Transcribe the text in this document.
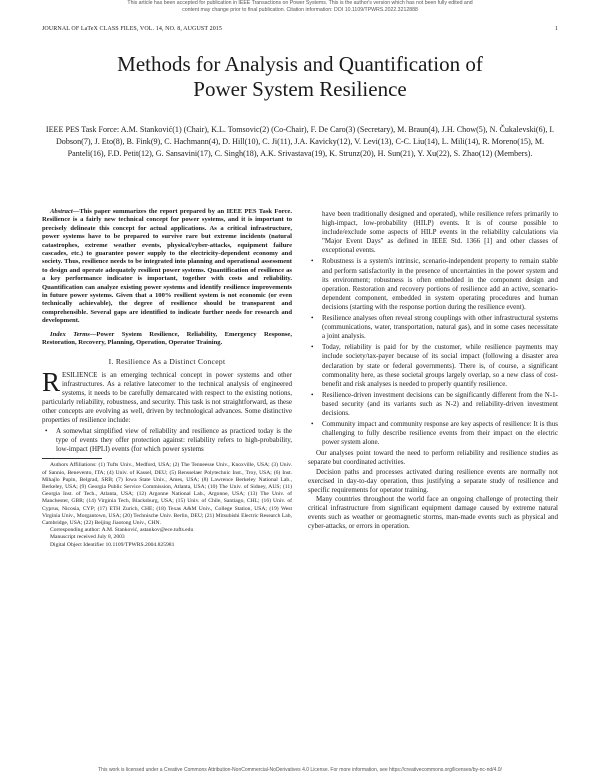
This article has been accepted for publication in IEEE Transactions on Power Systems. This is the author's version which has not been fully edited and
content may change prior to final publication. Citation information: DOI 10.1109/TPWRS.2022.3212888
JOURNAL OF LaTeX CLASS FILES, VOL. 14, NO. 8, AUGUST 2015	1
Methods for Analysis and Quantification of
Power System Resilience
IEEE PES Task Force: A.M. Stanković(1) (Chair), K.L. Tomsovic(2) (Co-Chair), F. De Caro(3) (Secretary), M. Braun(4), J.H. Chow(5), N. Čukalevski(6), I. Dobson(7), J. Eto(8), B. Fink(9), C. Hachmann(4), D. Hill(10), C. Ji(11), J.A. Kavicky(12), V. Levi(13), C-C. Liu(14), L. Mili(14), R. Moreno(15), M. Panteli(16), F.D. Petit(12), G. Sansavini(17), C. Singh(18), A.K. Srivastava(19), K. Strunz(20), H. Sun(21), Y. Xu(22), S. Zhao(12) (Members).

Abstract—This paper summarizes the report prepared by an IEEE PES Task Force. Resilience is a fairly new technical concept for power systems, and it is important to precisely delineate this concept for actual applications. As a critical infrastructure, power systems have to be prepared to survive rare but extreme incidents (natural catastrophes, extreme weather events, physical/cyber-attacks, equipment failure cascades, etc.) to guarantee power supply to the electricity-dependent economy and society. Thus, resilience needs to be integrated into planning and operational assessment to design and operate adequately resilient power systems. Quantification of resilience as a key performance indicator is important, together with costs and reliability. Quantification can analyze existing power systems and identify resilience improvements in future power systems. Given that a 100% resilient system is not economic (or even technically achievable), the degree of resilience should be transparent and comprehensible. Several gaps are identified to indicate further needs for research and development.

Index Terms—Power System Resilience, Reliability, Emergency Response, Restoration, Recovery, Planning, Operation, Operator Training.

I. Resilience As a Distinct Concept

RESILIENCE is an emerging technical concept in power systems and other infrastructures. As a relative latecomer to the technical analysis of engineered systems, it needs to be carefully demarcated with respect to the existing notions, particularly reliability, robustness, and security. This task is not straightforward, as these other concepts are evolving as well, driven by technological advances. Some distinctive properties of resilience include:

• A somewhat simplified view of reliability and resilience as practiced today is the type of events they offer protection against: reliability refers to high-probability, low-impact (HPLI) events (for which power systems

Authors Affiliations: (1) Tufts Univ., Medford, USA; (2) The Tenneesse Univ., Knoxville, USA; (3) Univ. of Sannio, Benevento, ITA; (4) Univ. of Kassel, DEU; (5) Rensselaer Polytechnic Inst., Troy, USA; (6) Inst. Mihajlo Pupin, Belgrad, SRB; (7) Iowa State Univ., Ames, USA; (8) Lawrence Berkeley National Lab., Berkeley, USA; (9) Georgia Public Service Commission, Atlanta, USA; (10) The Univ. of Sidney, AUS; (11) Georgia Inst. of Tech., Atlanta, USA; (12) Argonne National Lab., Argonne, USA; (13) The Univ. of Manchester, GBR; (14) Virginia Tech, Blacksburg, USA; (15) Univ. of Chile, Santiago, CHL; (16) Univ. of Cyprus, Nicosia, CYP; (17) ETH Zurich, CHE; (18) Texas A&M Univ., College Station, USA; (19) West Virginia Univ., Morgantown, USA; (20) Technische Univ. Berlin, DEU; (21) Mitsubishi Electric Research Lab, Cambridge, USA; (22) Beijing Jiaotong Univ., CHN.

Corresponding author: A.M. Stanković, astankov@ece.tufts.edu

Manuscript received July 8, 2003

Digital Object Identifier 10.1109/TPWRS.2004.825981

have been traditionally designed and operated), while resilience refers primarily to high-impact, low-probability (HILP) events. It is of course possible to include/exclude some aspects of HILP events in the reliability calculations via "Major Event Days" as defined in IEEE Std. 1366 [1] and other classes of exceptional events.
• Robustness is a system's intrinsic, scenario-independent property to remain stable and perform satisfactorily in the presence of uncertainties in the power system and its environment; robustness is often embedded in the component design and operation. Restoration and recovery portions of resilience add an active, scenario-dependent component, embedded in system operating procedures and human decisions (starting with the response portion during the resilience event).
• Resilience analyses often reveal strong couplings with other infrastructural systems (communications, water, transportation, natural gas), and in some cases necessitate a joint analysis.
• Today, reliability is paid for by the customer, while resilience payments may include society/tax-payer because of its social impact (following a disaster area declaration by state or federal governments). There is, of course, a significant commonality here, as these societal groups largely overlap, so a new class of cost-benefit and risk analyses is needed to properly quantify resilience.
• Resilience-driven investment decisions can be significantly different from the N-1-based security (and its variants such as N-2) and reliability-driven investment decisions.
• Community impact and community response are key aspects of resilience: It is thus challenging to fully describe resilience events from their impact on the electric power system alone.

Our analyses point toward the need to perform reliability and resilience studies as separate but coordinated activities.

Decision paths and processes activated during resilience events are normally not exercised in day-to-day operation, thus justifying a separate study of resilience and specific requirements for operator training.

Many countries throughout the world face an ongoing challenge of protecting their critical infrastructure from significant equipment damage caused by extreme natural events such as weather or geomagnetic storms, man-made events such as physical and cyber-attacks, or errors in operation.

This work is licensed under a Creative Commons Attribution-NonCommercial-NoDerivatives 4.0 License. For more information, see https://creativecommons.org/licenses/by-nc-nd/4.0/
